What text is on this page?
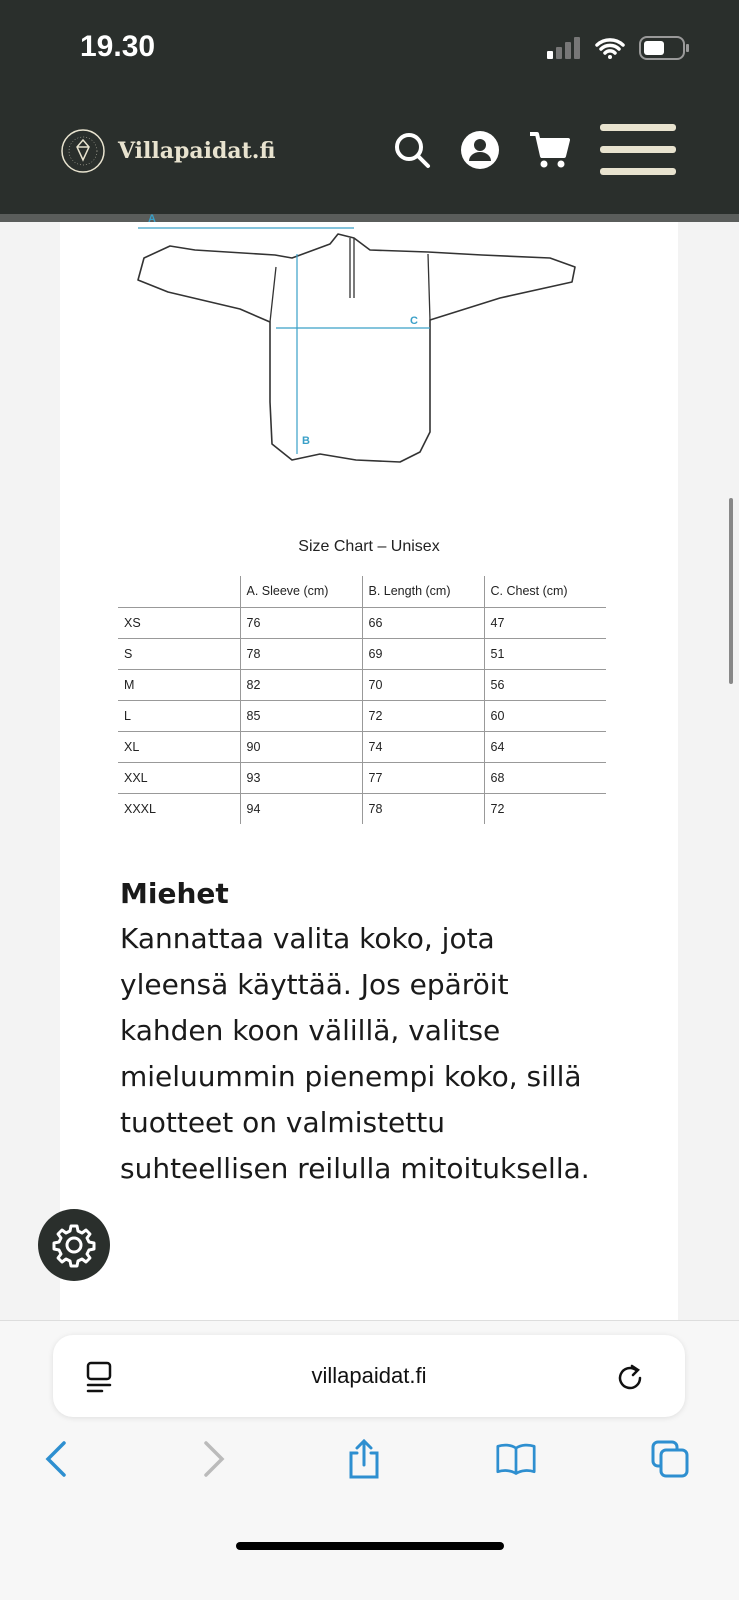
19.30
Villapaidat.fi
A
B
C
Size Chart – Unisex
	A. Sleeve (cm)	B. Length (cm)	C. Chest (cm)
XS	76	66	47
S	78	69	51
M	82	70	56
L	85	72	60
XL	90	74	64
XXL	93	77	68
XXXL	94	78	72
Miehet

Kannattaa valita koko, jota yleensä käyttää. Jos epäröit kahden koon välillä, valitse mieluummin pienempi koko, sillä tuotteet on valmistettu suhteellisen reilulla mitoituksella.

villapaidat.fi
